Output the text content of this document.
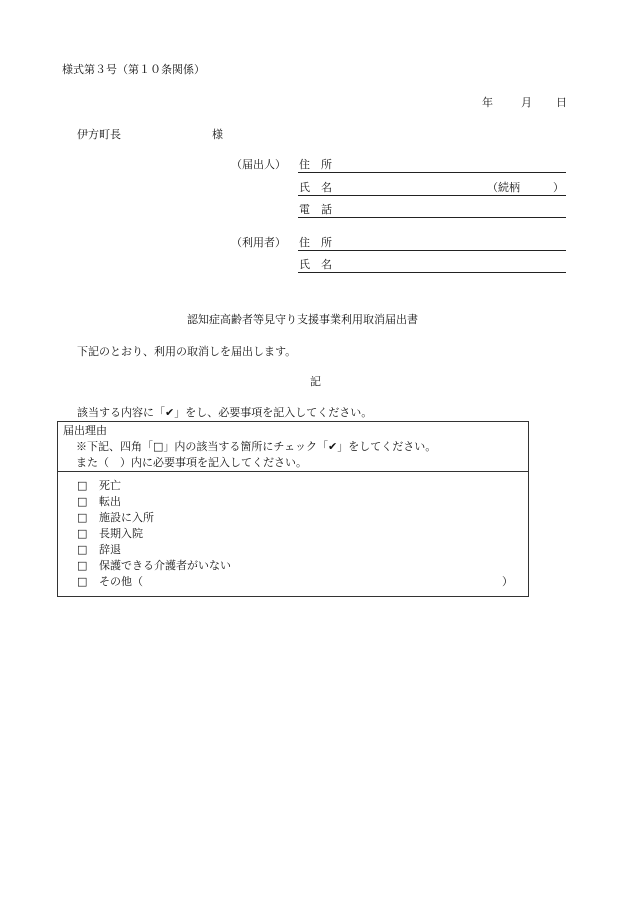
様式第３号（第１０条関係）
年	月 日
伊方町長	様
（届出人） 住　所
氏　名	（続柄　　　）
電　話
（利用者） 住　所
氏　名
認知症高齢者等見守り支援事業利用取消届出書
下記のとおり、利用の取消しを届出します。
記
該当する内容に「✔」をし、必要事項を記入してください。
届出理由
※下記、四角「□」内の該当する箇所にチェック「✔」をしてください。
また（　）内に必要事項を記入してください。
□ 死亡
□ 転出
□ 施設に入所
□ 長期入院
□ 辞退
□ 保護できる介護者がいない
□ その他（	）
